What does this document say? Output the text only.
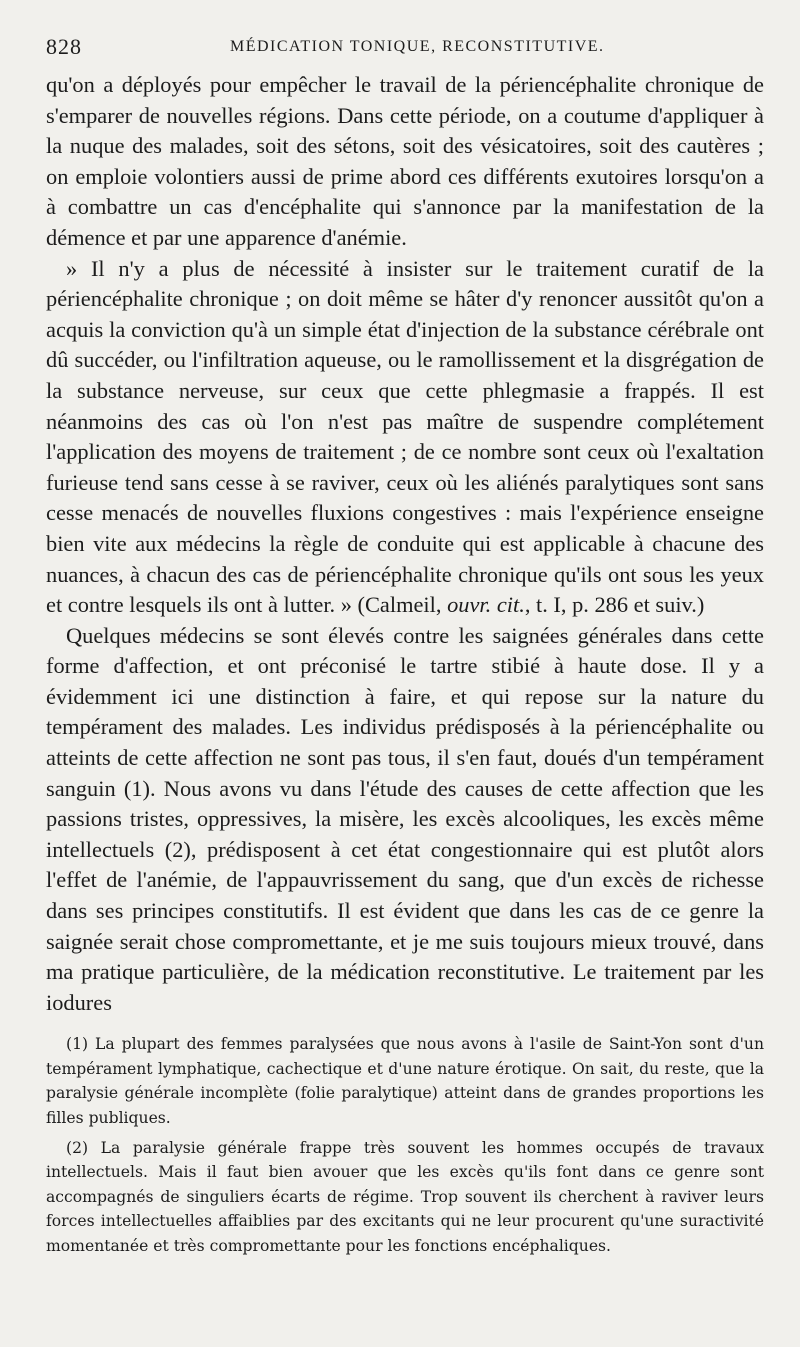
828	MÉDICATION TONIQUE, RECONSTITUTIVE.

qu'on a déployés pour empêcher le travail de la périencéphalite chronique de s'emparer de nouvelles régions. Dans cette période, on a coutume d'appliquer à la nuque des malades, soit des sétons, soit des vésicatoires, soit des cautères ; on emploie volontiers aussi de prime abord ces différents exutoires lorsqu'on a à combattre un cas d'encéphalite qui s'annonce par la manifestation de la démence et par une apparence d'anémie.

» Il n'y a plus de nécessité à insister sur le traitement curatif de la périencéphalite chronique ; on doit même se hâter d'y renoncer aussitôt qu'on a acquis la conviction qu'à un simple état d'injection de la substance cérébrale ont dû succéder, ou l'infiltration aqueuse, ou le ramollissement et la disgrégation de la substance nerveuse, sur ceux que cette phlegmasie a frappés. Il est néanmoins des cas où l'on n'est pas maître de suspendre complétement l'application des moyens de traitement ; de ce nombre sont ceux où l'exaltation furieuse tend sans cesse à se raviver, ceux où les aliénés paralytiques sont sans cesse menacés de nouvelles fluxions congestives : mais l'expérience enseigne bien vite aux médecins la règle de conduite qui est applicable à chacune des nuances, à chacun des cas de périencéphalite chronique qu'ils ont sous les yeux et contre lesquels ils ont à lutter. » (Calmeil, ouvr. cit., t. I, p. 286 et suiv.)

Quelques médecins se sont élevés contre les saignées générales dans cette forme d'affection, et ont préconisé le tartre stibié à haute dose. Il y a évidemment ici une distinction à faire, et qui repose sur la nature du tempérament des malades. Les individus prédisposés à la périencéphalite ou atteints de cette affection ne sont pas tous, il s'en faut, doués d'un tempérament sanguin (1). Nous avons vu dans l'étude des causes de cette affection que les passions tristes, oppressives, la misère, les excès alcooliques, les excès même intellectuels (2), prédisposent à cet état congestionnaire qui est plutôt alors l'effet de l'anémie, de l'appauvrissement du sang, que d'un excès de richesse dans ses principes constitutifs. Il est évident que dans les cas de ce genre la saignée serait chose compromettante, et je me suis toujours mieux trouvé, dans ma pratique particulière, de la médication reconstitutive. Le traitement par les iodures

(1) La plupart des femmes paralysées que nous avons à l'asile de Saint-Yon sont d'un tempérament lymphatique, cachectique et d'une nature érotique. On sait, du reste, que la paralysie générale incomplète (folie paralytique) atteint dans de grandes proportions les filles publiques.

(2) La paralysie générale frappe très souvent les hommes occupés de travaux intellectuels. Mais il faut bien avouer que les excès qu'ils font dans ce genre sont accompagnés de singuliers écarts de régime. Trop souvent ils cherchent à raviver leurs forces intellectuelles affaiblies par des excitants qui ne leur procurent qu'une suractivité momentanée et très compromettante pour les fonctions encéphaliques.
